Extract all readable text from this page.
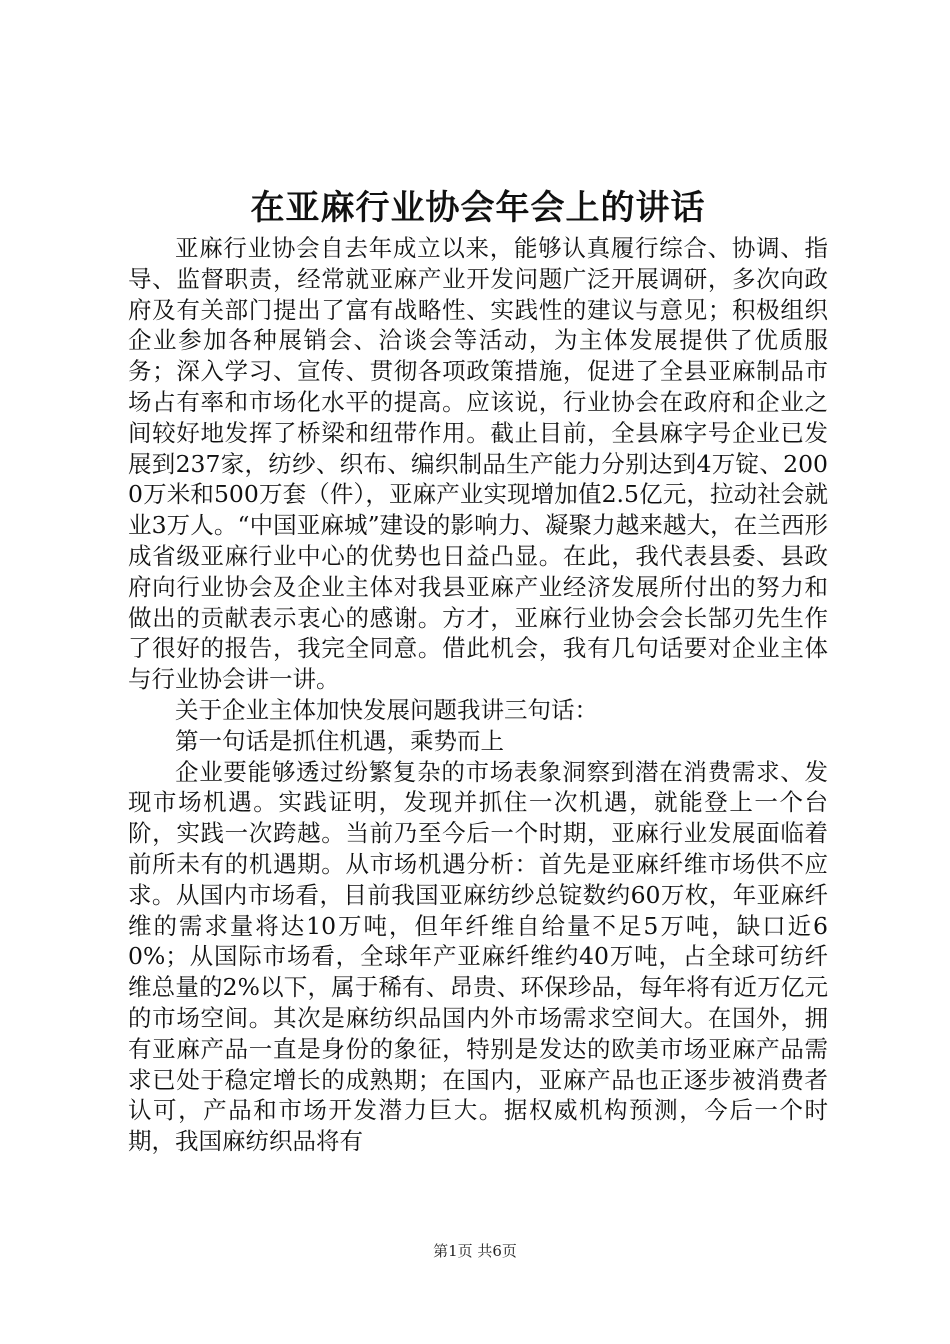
在亚麻行业协会年会上的讲话

亚麻行业协会自去年成立以来，能够认真履行综合、协调、指导、监督职责，经常就亚麻产业开发问题广泛开展调研，多次向政府及有关部门提出了富有战略性、实践性的建议与意见；积极组织企业参加各种展销会、洽谈会等活动，为主体发展提供了优质服务；深入学习、宣传、贯彻各项政策措施，促进了全县亚麻制品市场占有率和市场化水平的提高。应该说，行业协会在政府和企业之间较好地发挥了桥梁和纽带作用。截止目前，全县麻字号企业已发展到237家，纺纱、织布、编织制品生产能力分别达到4万锭、2000万米和500万套（件），亚麻产业实现增加值2.5亿元，拉动社会就业3万人。“中国亚麻城”建设的影响力、凝聚力越来越大，在兰西形成省级亚麻行业中心的优势也日益凸显。在此，我代表县委、县政府向行业协会及企业主体对我县亚麻产业经济发展所付出的努力和做出的贡献表示衷心的感谢。方才，亚麻行业协会会长郜刃先生作了很好的报告，我完全同意。借此机会，我有几句话要对企业主体与行业协会讲一讲。

关于企业主体加快发展问题我讲三句话：

第一句话是抓住机遇，乘势而上

企业要能够透过纷繁复杂的市场表象洞察到潜在消费需求、发现市场机遇。实践证明，发现并抓住一次机遇，就能登上一个台阶，实践一次跨越。当前乃至今后一个时期，亚麻行业发展面临着前所未有的机遇期。从市场机遇分析：首先是亚麻纤维市场供不应求。从国内市场看，目前我国亚麻纺纱总锭数约60万枚，年亚麻纤维的需求量将达10万吨，但年纤维自给量不足5万吨，缺口近60%；从国际市场看，全球年产亚麻纤维约40万吨，占全球可纺纤维总量的2%以下，属于稀有、昂贵、环保珍品，每年将有近万亿元的市场空间。其次是麻纺织品国内外市场需求空间大。在国外，拥有亚麻产品一直是身份的象征，特别是发达的欧美市场亚麻产品需求已处于稳定增长的成熟期；在国内，亚麻产品也正逐步被消费者认可，产品和市场开发潜力巨大。据权威机构预测，今后一个时期，我国麻纺织品将有

第1页 共6页
